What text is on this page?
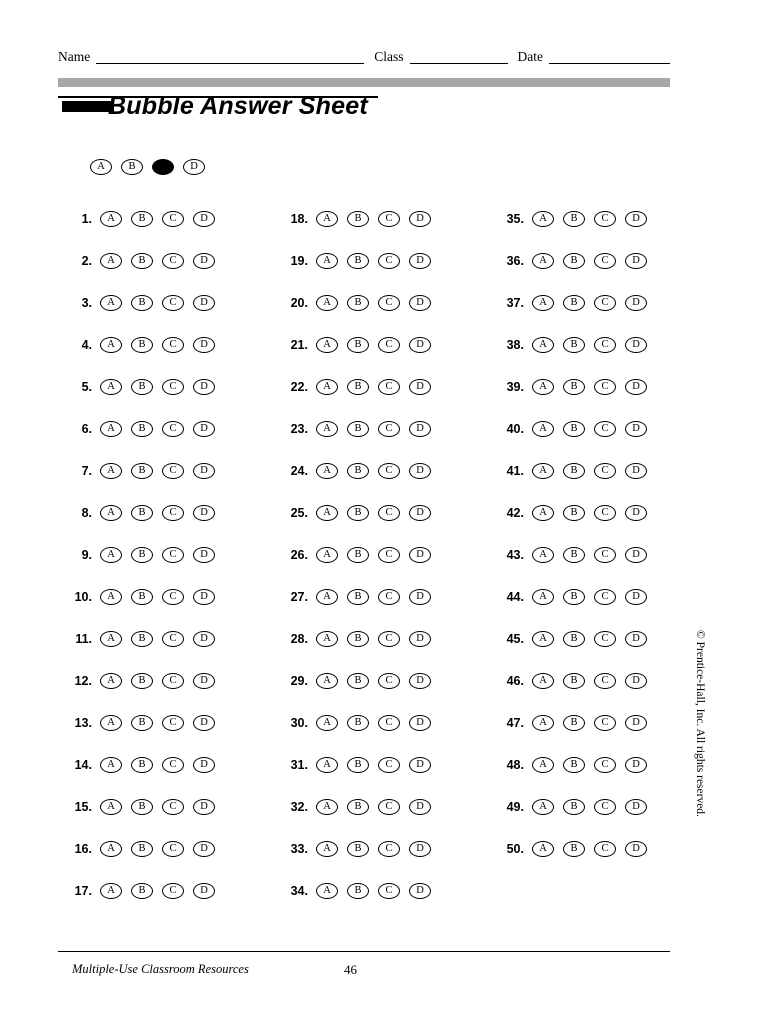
Name	Class	Date
Bubble Answer Sheet
A	B	D
1.	A	B	C	D
2.	A	B	C	D
3.	A	B	C	D
4.	A	B	C	D
5.	A	B	C	D
6.	A	B	C	D
7.	A	B	C	D
8.	A	B	C	D
9.	A	B	C	D
10.	A	B	C	D
11.	A	B	C	D
12.	A	B	C	D
13.	A	B	C	D
14.	A	B	C	D
15.	A	B	C	D
16.	A	B	C	D
17.	A	B	C	D
18.	A	B	C	D
19.	A	B	C	D
20.	A	B	C	D
21.	A	B	C	D
22.	A	B	C	D
23.	A	B	C	D
24.	A	B	C	D
25.	A	B	C	D
26.	A	B	C	D
27.	A	B	C	D
28.	A	B	C	D
29.	A	B	C	D
30.	A	B	C	D
31.	A	B	C	D
32.	A	B	C	D
33.	A	B	C	D
34.	A	B	C	D
35.	A	B	C	D
36.	A	B	C	D
37.	A	B	C	D
38.	A	B	C	D
39.	A	B	C	D
40.	A	B	C	D
41.	A	B	C	D
42.	A	B	C	D
43.	A	B	C	D
44.	A	B	C	D
45.	A	B	C	D
46.	A	B	C	D
47.	A	B	C	D
48.	A	B	C	D
49.	A	B	C	D
50.	A	B	C	D
© Prentice-Hall, Inc. All rights reserved.
Multiple-Use Classroom Resources	46
